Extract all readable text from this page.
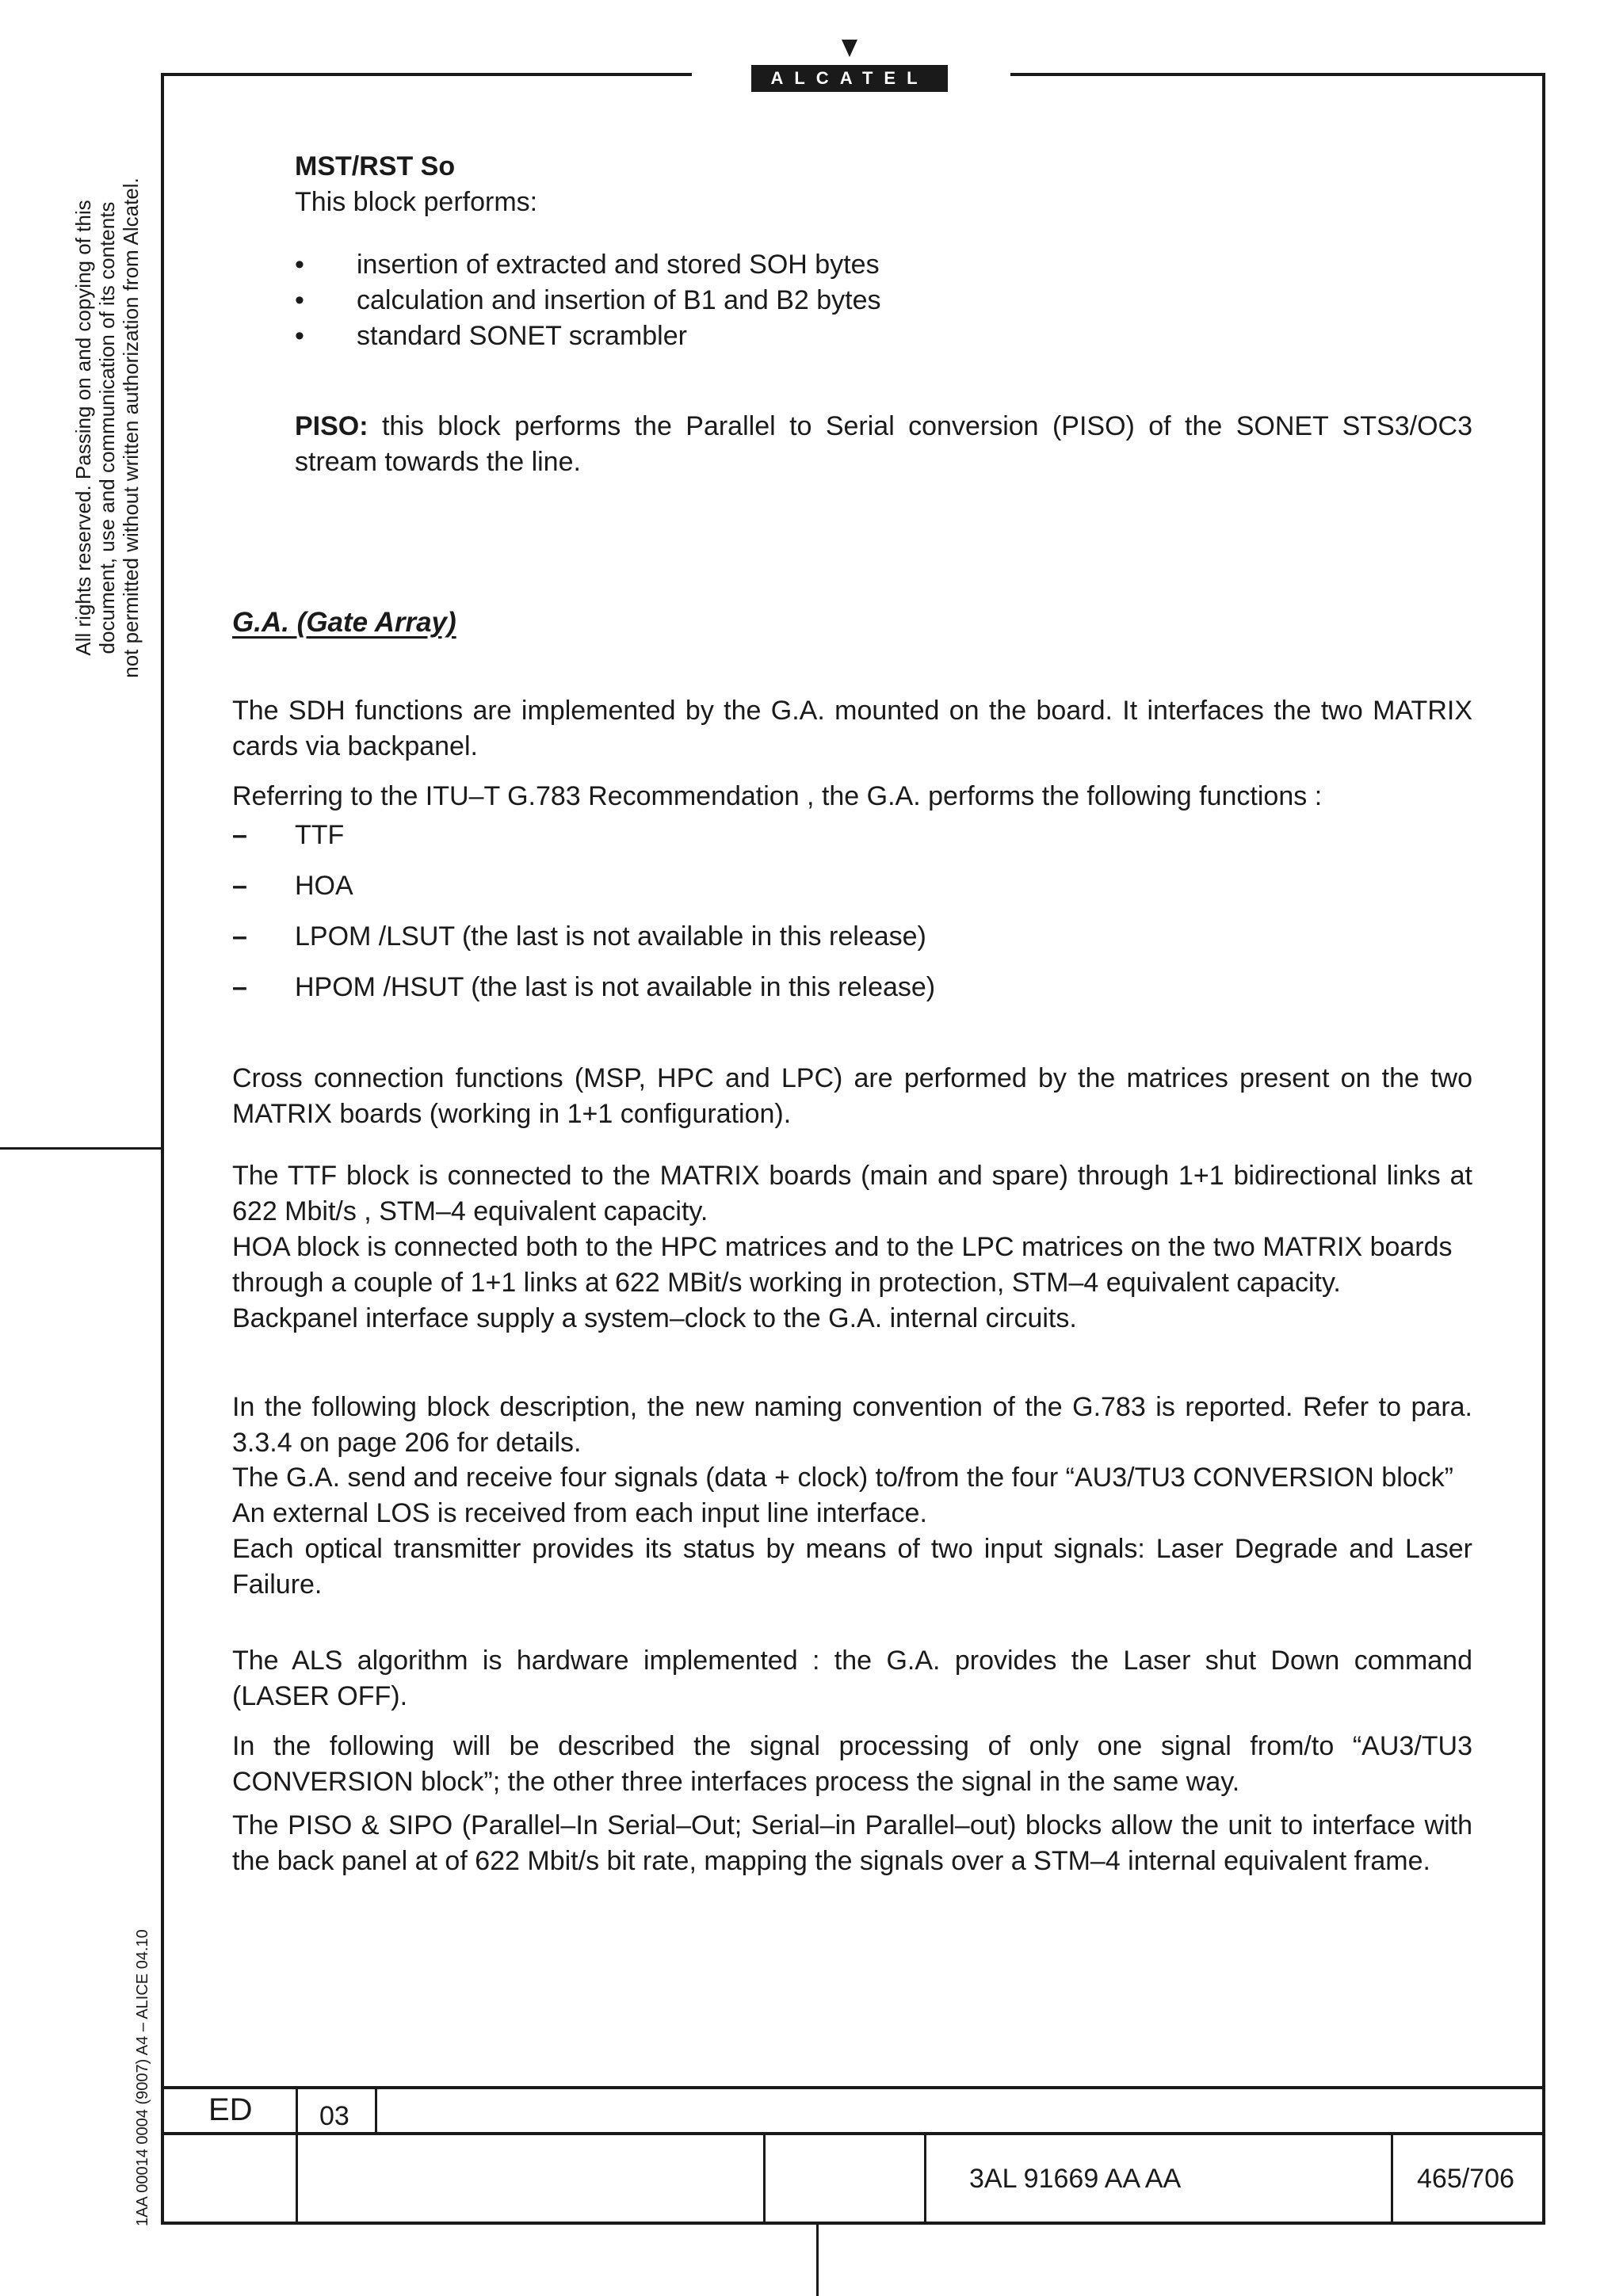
ALCATEL
All rights reserved. Passing on and copying of this document, use and communication of its contents not permitted without written authorization from Alcatel.
1AA 00014 0004 (9007) A4 – ALICE 04.10
MST/RST So
This block performs:
• insertion of extracted and stored SOH bytes
• calculation and insertion of B1 and B2 bytes
• standard SONET scrambler

PISO: this block performs the Parallel to Serial conversion (PISO) of the SONET STS3/OC3 stream towards the line.

G.A. (Gate Array)

The SDH functions are implemented by the G.A. mounted on the board. It interfaces the two MATRIX cards via backpanel.

Referring to the ITU–T G.783 Recommendation , the G.A. performs the following functions :

– TTF
– HOA
– LPOM /LSUT (the last is not available in this release)
– HPOM /HSUT (the last is not available in this release)

Cross connection functions (MSP, HPC and LPC) are performed by the matrices present on the two MATRIX boards (working in 1+1 configuration).

The TTF block is connected to the MATRIX boards (main and spare) through 1+1 bidirectional links at 622 Mbit/s , STM–4 equivalent capacity.

HOA block is connected both to the HPC matrices and to the LPC matrices on the two MATRIX boards
through a couple of 1+1 links at 622 MBit/s working in protection, STM–4 equivalent capacity.
Backpanel interface supply a system–clock to the G.A. internal circuits.

In the following block description, the new naming convention of the G.783 is reported. Refer to para. 3.3.4 on page 206 for details.

The G.A. send and receive four signals (data + clock) to/from the four “AU3/TU3 CONVERSION block”
An external LOS is received from each input line interface.
Each optical transmitter provides its status by means of two input signals: Laser Degrade and Laser Failure.

The ALS algorithm is hardware implemented : the G.A. provides the Laser shut Down command (LASER OFF).

In the following will be described the signal processing of only one signal from/to “AU3/TU3 CONVERSION block”; the other three interfaces process the signal in the same way.

The PISO & SIPO (Parallel–In Serial–Out; Serial–in Parallel–out) blocks allow the unit to interface with the back panel at of 622 Mbit/s bit rate, mapping the signals over a STM–4 internal equivalent frame.

ED 03
3AL 91669 AA AA	465/706
